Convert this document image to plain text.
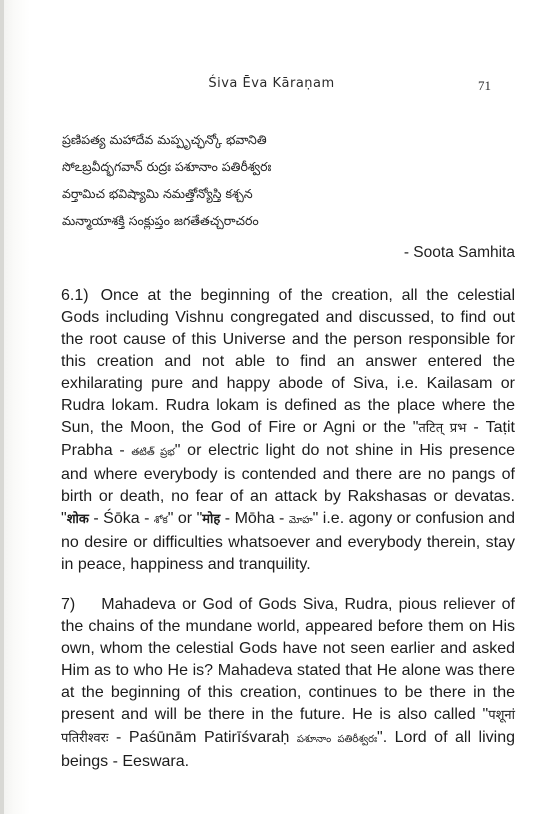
Śiva Ēva Kāraṇam	71
ప్రణిపత్య మహాదేవ మప్పృచ్ఛన్కో భవానితి
సోఽబ్రవీద్భగవాన్ రుద్రః పశూనాం పతిరీశ్వరః
వర్తామిచ భవిష్యామి నమత్తోన్యోస్తి కశ్చన
మన్మాయాశక్తి సంక్లుప్తం జగతేతచ్చరాచరం
- Soota Samhita
6.1) Once at the beginning of the creation, all the celestial Gods including Vishnu congregated and discussed, to find out the root cause of this Universe and the person responsible for this creation and not able to find an answer entered the exhilarating pure and happy abode of Siva, i.e. Kailasam or Rudra lokam. Rudra lokam is defined as the place where the Sun, the Moon, the God of Fire or Agni or the "तटित् प्रभ - Taṭit Prabha - తటిత్ ప్రభ" or electric light do not shine in His presence and where everybody is contended and there are no pangs of birth or death, no fear of an attack by Rakshasas or devatas. "शोक - Śōka - శోక" or "मोह - Mōha - మోహ" i.e. agony or confusion and no desire or difficulties whatsoever and everybody therein, stay in peace, happiness and tranquility.
7) Mahadeva or God of Gods Siva, Rudra, pious reliever of the chains of the mundane world, appeared before them on His own, whom the celestial Gods have not seen earlier and asked Him as to who He is? Mahadeva stated that He alone was there at the beginning of this creation, continues to be there in the present and will be there in the future. He is also called "पशूनां पतिरीश्वरः - Paśūnām Patirīśvaraḥ పశూనాం పతిరీశ్వరః". Lord of all living beings - Eeswara.
